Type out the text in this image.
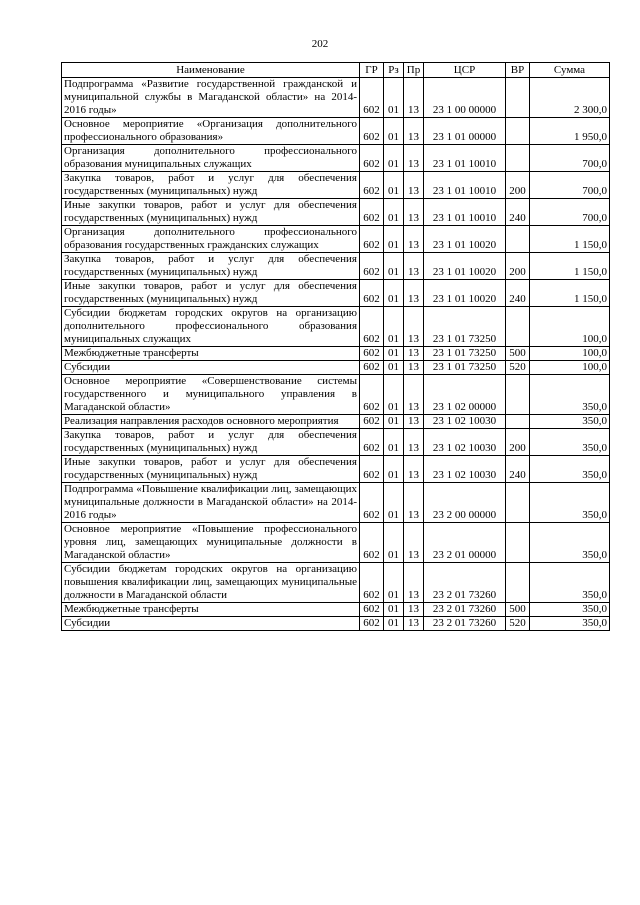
202
Наименование	ГР	Рз	Пр	ЦСР	ВР	Сумма
Подпрограмма «Развитие государственной гражданской и муниципальной службы в Магаданской области» на 2014-2016 годы»	602	01	13	23 1 00 00000		2 300,0
Основное мероприятие «Организация дополнительного профессионального образования»	602	01	13	23 1 01 00000		1 950,0
Организация дополнительного профессионального образования муниципальных служащих	602	01	13	23 1 01 10010		700,0
Закупка товаров, работ и услуг для обеспечения государственных (муниципальных) нужд	602	01	13	23 1 01 10010	200	700,0
Иные закупки товаров, работ и услуг для обеспечения государственных (муниципальных) нужд	602	01	13	23 1 01 10010	240	700,0
Организация дополнительного профессионального образования государственных гражданских служащих	602	01	13	23 1 01 10020		1 150,0
Закупка товаров, работ и услуг для обеспечения государственных (муниципальных) нужд	602	01	13	23 1 01 10020	200	1 150,0
Иные закупки товаров, работ и услуг для обеспечения государственных (муниципальных) нужд	602	01	13	23 1 01 10020	240	1 150,0
Субсидии бюджетам городских округов на организацию дополнительного профессионального образования муниципальных служащих	602	01	13	23 1 01 73250		100,0
Межбюджетные трансферты	602	01	13	23 1 01 73250	500	100,0
Субсидии	602	01	13	23 1 01 73250	520	100,0
Основное мероприятие «Совершенствование системы государственного и муниципального управления в Магаданской области»	602	01	13	23 1 02 00000		350,0
Реализация направления расходов основного мероприятия	602	01	13	23 1 02 10030		350,0
Закупка товаров, работ и услуг для обеспечения государственных (муниципальных) нужд	602	01	13	23 1 02 10030	200	350,0
Иные закупки товаров, работ и услуг для обеспечения государственных (муниципальных) нужд	602	01	13	23 1 02 10030	240	350,0
Подпрограмма «Повышение квалификации лиц, замещающих муниципальные должности в Магаданской области» на 2014-2016 годы»	602	01	13	23 2 00 00000		350,0
Основное мероприятие «Повышение профессионального уровня лиц, замещающих муниципальные должности в Магаданской области»	602	01	13	23 2 01 00000		350,0
Субсидии бюджетам городских округов на организацию повышения квалификации лиц, замещающих муниципальные должности в Магаданской области	602	01	13	23 2 01 73260		350,0
Межбюджетные трансферты	602	01	13	23 2 01 73260	500	350,0
Субсидии	602	01	13	23 2 01 73260	520	350,0
